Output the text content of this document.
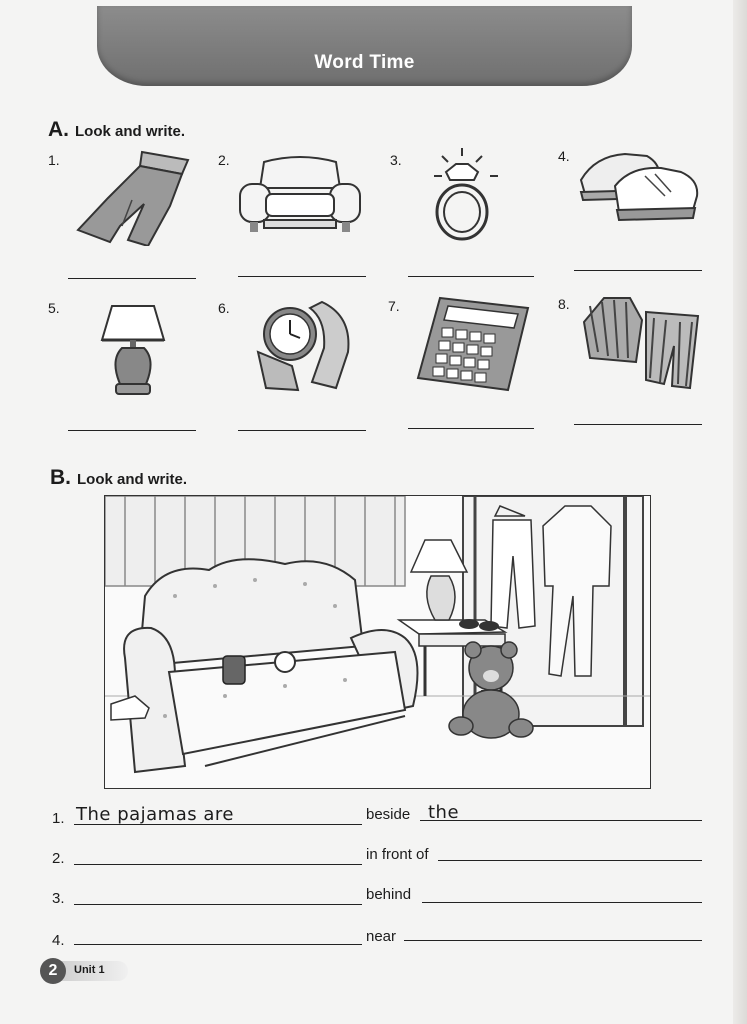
Word Time
A. Look and write.
1.	2.	3.	4.
5.	6.	7.	8.
B. Look and write.
1. The pajamas are	beside the
2.	in front of
3.	behind
4.	near
2	Unit 1
